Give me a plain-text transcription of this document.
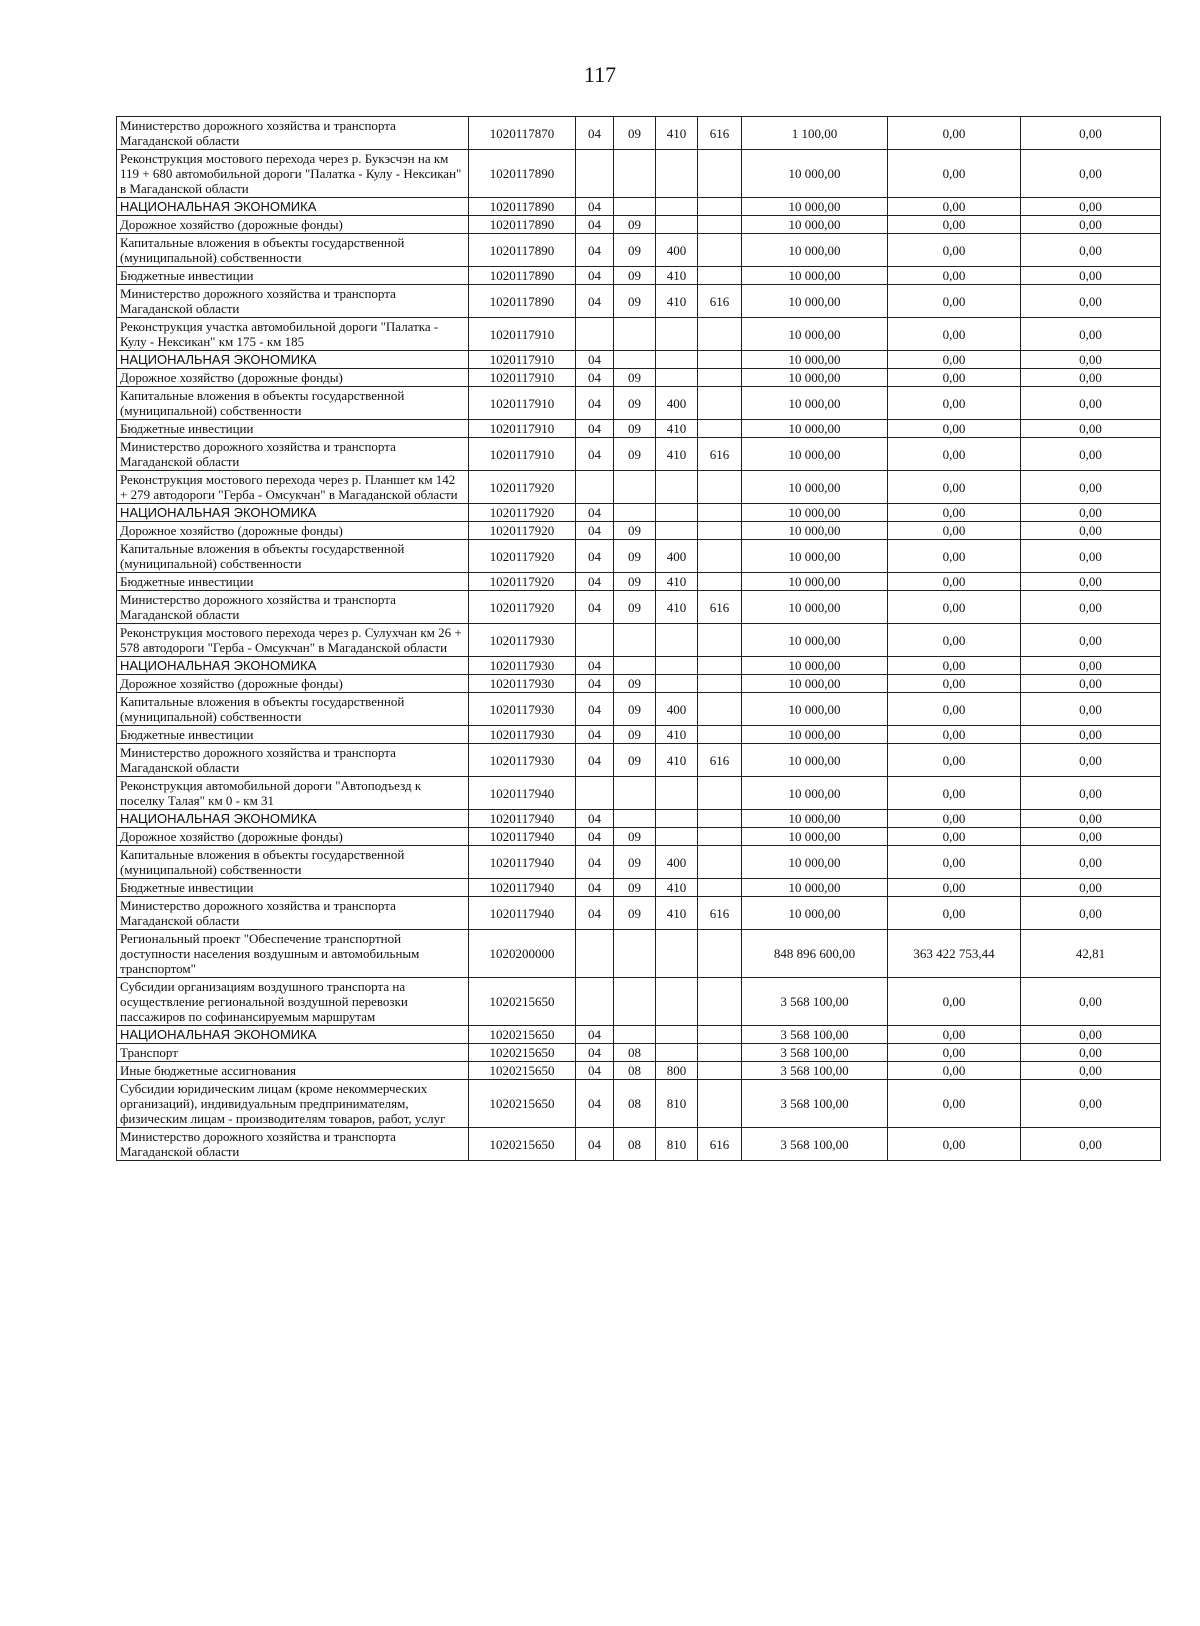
117
Министерство дорожного хозяйства и транспорта Магаданской области	1020117870	04	09	410	616	1 100,00	0,00	0,00
Реконструкция мостового перехода через р. Букэсчэн на км 119 + 680 автомобильной дороги "Палатка - Кулу - Нексикан" в Магаданской области	1020117890					10 000,00	0,00	0,00
НАЦИОНАЛЬНАЯ ЭКОНОМИКА	1020117890	04				10 000,00	0,00	0,00
Дорожное хозяйство (дорожные фонды)	1020117890	04	09			10 000,00	0,00	0,00
Капитальные вложения в объекты государственной (муниципальной) собственности	1020117890	04	09	400		10 000,00	0,00	0,00
Бюджетные инвестиции	1020117890	04	09	410		10 000,00	0,00	0,00
Министерство дорожного хозяйства и транспорта Магаданской области	1020117890	04	09	410	616	10 000,00	0,00	0,00
Реконструкция участка автомобильной дороги "Палатка - Кулу - Нексикан" км 175 - км 185	1020117910					10 000,00	0,00	0,00
НАЦИОНАЛЬНАЯ ЭКОНОМИКА	1020117910	04				10 000,00	0,00	0,00
Дорожное хозяйство (дорожные фонды)	1020117910	04	09			10 000,00	0,00	0,00
Капитальные вложения в объекты государственной (муниципальной) собственности	1020117910	04	09	400		10 000,00	0,00	0,00
Бюджетные инвестиции	1020117910	04	09	410		10 000,00	0,00	0,00
Министерство дорожного хозяйства и транспорта Магаданской области	1020117910	04	09	410	616	10 000,00	0,00	0,00
Реконструкция мостового перехода через р. Планшет км 142 + 279 автодороги "Герба - Омсукчан" в Магаданской области	1020117920					10 000,00	0,00	0,00
НАЦИОНАЛЬНАЯ ЭКОНОМИКА	1020117920	04				10 000,00	0,00	0,00
Дорожное хозяйство (дорожные фонды)	1020117920	04	09			10 000,00	0,00	0,00
Капитальные вложения в объекты государственной (муниципальной) собственности	1020117920	04	09	400		10 000,00	0,00	0,00
Бюджетные инвестиции	1020117920	04	09	410		10 000,00	0,00	0,00
Министерство дорожного хозяйства и транспорта Магаданской области	1020117920	04	09	410	616	10 000,00	0,00	0,00
Реконструкция мостового перехода через р. Сулухчан км 26 + 578 автодороги "Герба - Омсукчан" в Магаданской области	1020117930					10 000,00	0,00	0,00
НАЦИОНАЛЬНАЯ ЭКОНОМИКА	1020117930	04				10 000,00	0,00	0,00
Дорожное хозяйство (дорожные фонды)	1020117930	04	09			10 000,00	0,00	0,00
Капитальные вложения в объекты государственной (муниципальной) собственности	1020117930	04	09	400		10 000,00	0,00	0,00
Бюджетные инвестиции	1020117930	04	09	410		10 000,00	0,00	0,00
Министерство дорожного хозяйства и транспорта Магаданской области	1020117930	04	09	410	616	10 000,00	0,00	0,00
Реконструкция автомобильной дороги "Автоподъезд к поселку Талая" км 0 - км 31	1020117940					10 000,00	0,00	0,00
НАЦИОНАЛЬНАЯ ЭКОНОМИКА	1020117940	04				10 000,00	0,00	0,00
Дорожное хозяйство (дорожные фонды)	1020117940	04	09			10 000,00	0,00	0,00
Капитальные вложения в объекты государственной (муниципальной) собственности	1020117940	04	09	400		10 000,00	0,00	0,00
Бюджетные инвестиции	1020117940	04	09	410		10 000,00	0,00	0,00
Министерство дорожного хозяйства и транспорта Магаданской области	1020117940	04	09	410	616	10 000,00	0,00	0,00
Региональный проект "Обеспечение транспортной доступности населения воздушным и автомобильным транспортом"	1020200000					848 896 600,00	363 422 753,44	42,81
Субсидии организациям воздушного транспорта на осуществление региональной воздушной перевозки пассажиров по софинансируемым маршрутам	1020215650					3 568 100,00	0,00	0,00
НАЦИОНАЛЬНАЯ ЭКОНОМИКА	1020215650	04				3 568 100,00	0,00	0,00
Транспорт	1020215650	04	08			3 568 100,00	0,00	0,00
Иные бюджетные ассигнования	1020215650	04	08	800		3 568 100,00	0,00	0,00
Субсидии юридическим лицам (кроме некоммерческих организаций), индивидуальным предпринимателям, физическим лицам - производителям товаров, работ, услуг	1020215650	04	08	810		3 568 100,00	0,00	0,00
Министерство дорожного хозяйства и транспорта Магаданской области	1020215650	04	08	810	616	3 568 100,00	0,00	0,00
